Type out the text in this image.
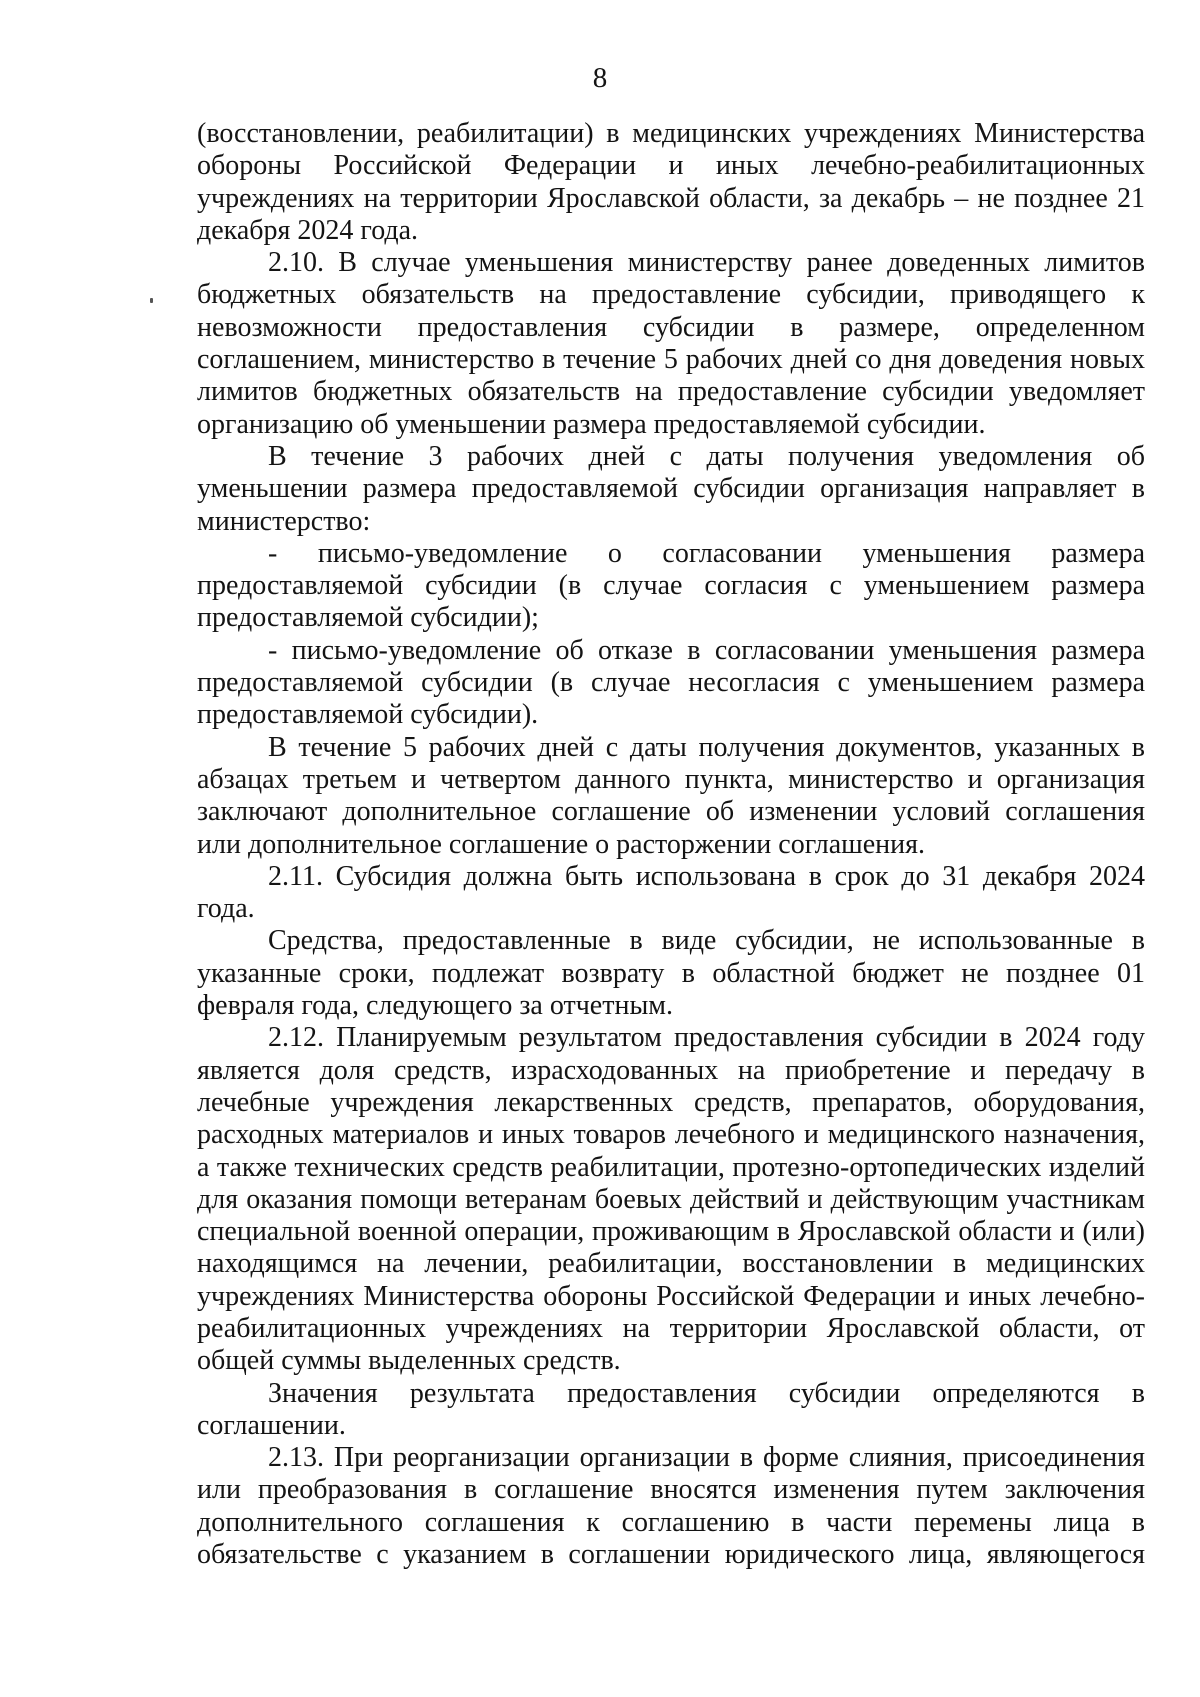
8

(восстановлении, реабилитации) в медицинских учреждениях Министерства обороны Российской Федерации и иных лечебно-реабилитационных учреждениях на территории Ярославской области, за декабрь – не позднее 21 декабря 2024 года.

2.10. В случае уменьшения министерству ранее доведенных лимитов бюджетных обязательств на предоставление субсидии, приводящего к невозможности предоставления субсидии в размере, определенном соглашением, министерство в течение 5 рабочих дней со дня доведения новых лимитов бюджетных обязательств на предоставление субсидии уведомляет организацию об уменьшении размера предоставляемой субсидии.

В течение 3 рабочих дней с даты получения уведомления об уменьшении размера предоставляемой субсидии организация направляет в министерство:

- письмо-уведомление о согласовании уменьшения размера предоставляемой субсидии (в случае согласия с уменьшением размера предоставляемой субсидии);

- письмо-уведомление об отказе в согласовании уменьшения размера предоставляемой субсидии (в случае несогласия с уменьшением размера предоставляемой субсидии).

В течение 5 рабочих дней с даты получения документов, указанных в абзацах третьем и четвертом данного пункта, министерство и организация заключают дополнительное соглашение об изменении условий соглашения или дополнительное соглашение о расторжении соглашения.

2.11. Субсидия должна быть использована в срок до 31 декабря 2024 года.

Средства, предоставленные в виде субсидии, не использованные в указанные сроки, подлежат возврату в областной бюджет не позднее 01 февраля года, следующего за отчетным.

2.12. Планируемым результатом предоставления субсидии в 2024 году является доля средств, израсходованных на приобретение и передачу в лечебные учреждения лекарственных средств, препаратов, оборудования, расходных материалов и иных товаров лечебного и медицинского назначения, а также технических средств реабилитации, протезно-ортопедических изделий для оказания помощи ветеранам боевых действий и действующим участникам специальной военной операции, проживающим в Ярославской области и (или) находящимся на лечении, реабилитации, восстановлении в медицинских учреждениях Министерства обороны Российской Федерации и иных лечебно-реабилитационных учреждениях на территории Ярославской области, от общей суммы выделенных средств.

Значения результата предоставления субсидии определяются в соглашении.

2.13. При реорганизации организации в форме слияния, присоединения или преобразования в соглашение вносятся изменения путем заключения дополнительного соглашения к соглашению в части перемены лица в обязательстве с указанием в соглашении юридического лица, являющегося
